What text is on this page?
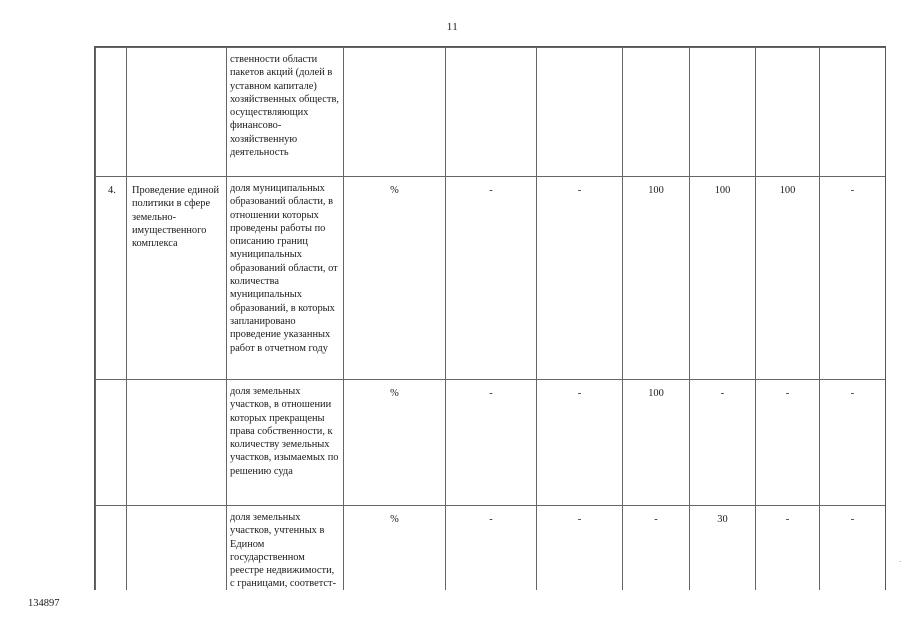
11
		ственности области пакетов акций (долей в уставном капитале) хозяйственных обществ, осуществляющих финансово-хозяйственную деятельность							
4.	Проведение единой политики в сфере земельно-имущественного комплекса	доля муниципальных образований области, в отношении которых проведены работы по описанию границ муниципальных образований области, от количества муниципальных образований, в которых запланировано проведение указанных работ в отчетном году	%	-	-	100	100	100	-
		доля земельных участков, в отношении которых прекращены права собственности, к количеству земельных участков, изымаемых по решению суда	%	-	-	100	-	-	-
		доля земельных участков, учтенных в Едином государственном реестре недвижимости, с границами, соответст-	%	-	-	-	30	-	-
·
134897
